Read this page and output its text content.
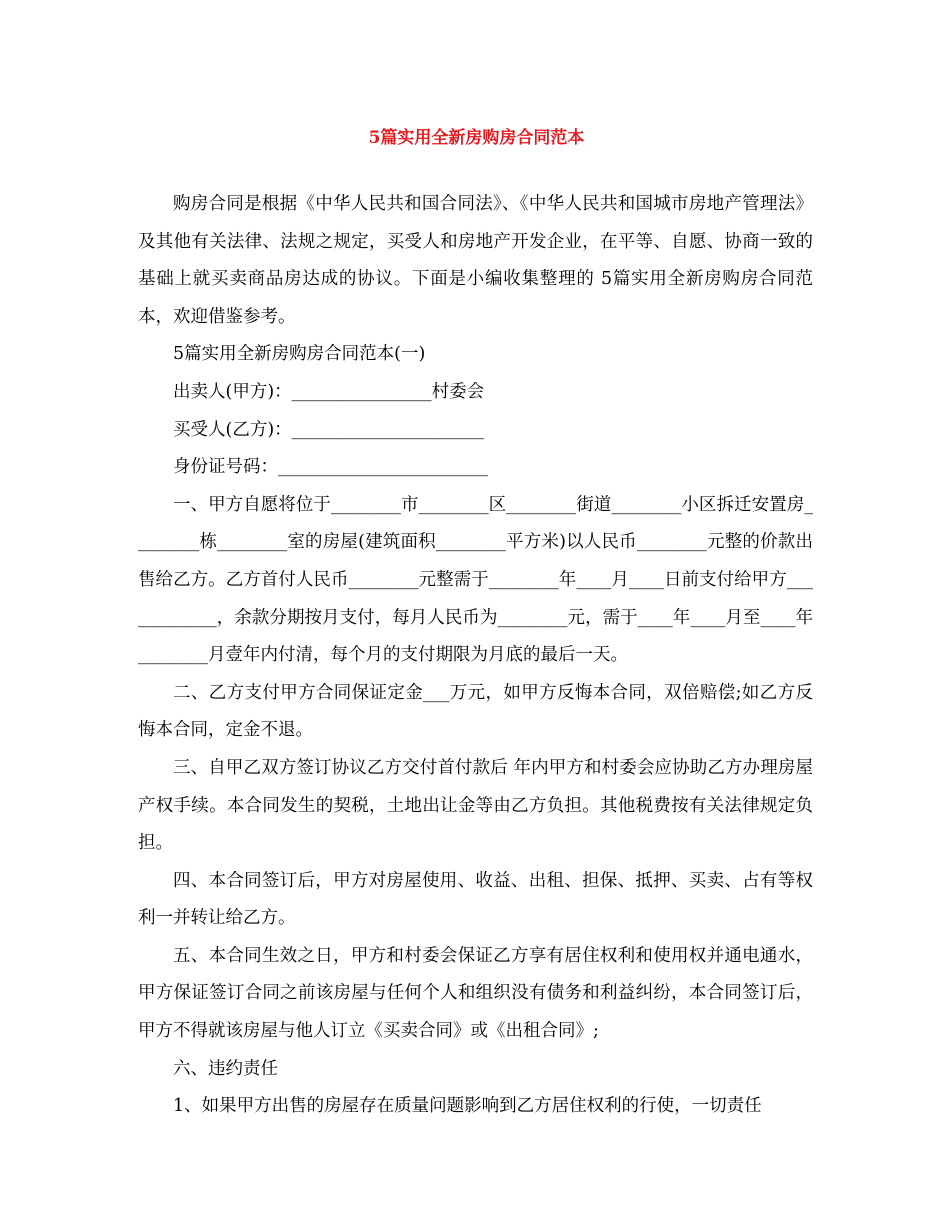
5篇实用全新房购房合同范本

购房合同是根据《中华人民共和国合同法》、《中华人民共和国城市房地产管理法》及其他有关法律、法规之规定，买受人和房地产开发企业，在平等、自愿、协商一致的基础上就买卖商品房达成的协议。下面是小编收集整理的 5篇实用全新房购房合同范本，欢迎借鉴参考。

5篇实用全新房购房合同范本(一)

出卖人(甲方)：________________村委会

买受人(乙方)：______________________

身份证号码：________________________

一、甲方自愿将位于________市________区________街道________小区拆迁安置房________栋________室的房屋(建筑面积________平方米)以人民币________元整的价款出售给乙方。乙方首付人民币________元整需于________年____月____日前支付给甲方____________，余款分期按月支付，每月人民币为________元，需于____年____月至____年________月壹年内付清，每个月的支付期限为月底的最后一天。

二、乙方支付甲方合同保证定金___万元，如甲方反悔本合同，双倍赔偿;如乙方反悔本合同，定金不退。

三、自甲乙双方签订协议乙方交付首付款后 年内甲方和村委会应协助乙方办理房屋产权手续。本合同发生的契税，土地出让金等由乙方负担。其他税费按有关法律规定负担。

四、本合同签订后，甲方对房屋使用、收益、出租、担保、抵押、买卖、占有等权利一并转让给乙方。

五、本合同生效之日，甲方和村委会保证乙方享有居住权利和使用权并通电通水，甲方保证签订合同之前该房屋与任何个人和组织没有债务和利益纠纷，本合同签订后，甲方不得就该房屋与他人订立《买卖合同》或《出租合同》;

六、违约责任

1、如果甲方出售的房屋存在质量问题影响到乙方居住权利的行使，一切责任
